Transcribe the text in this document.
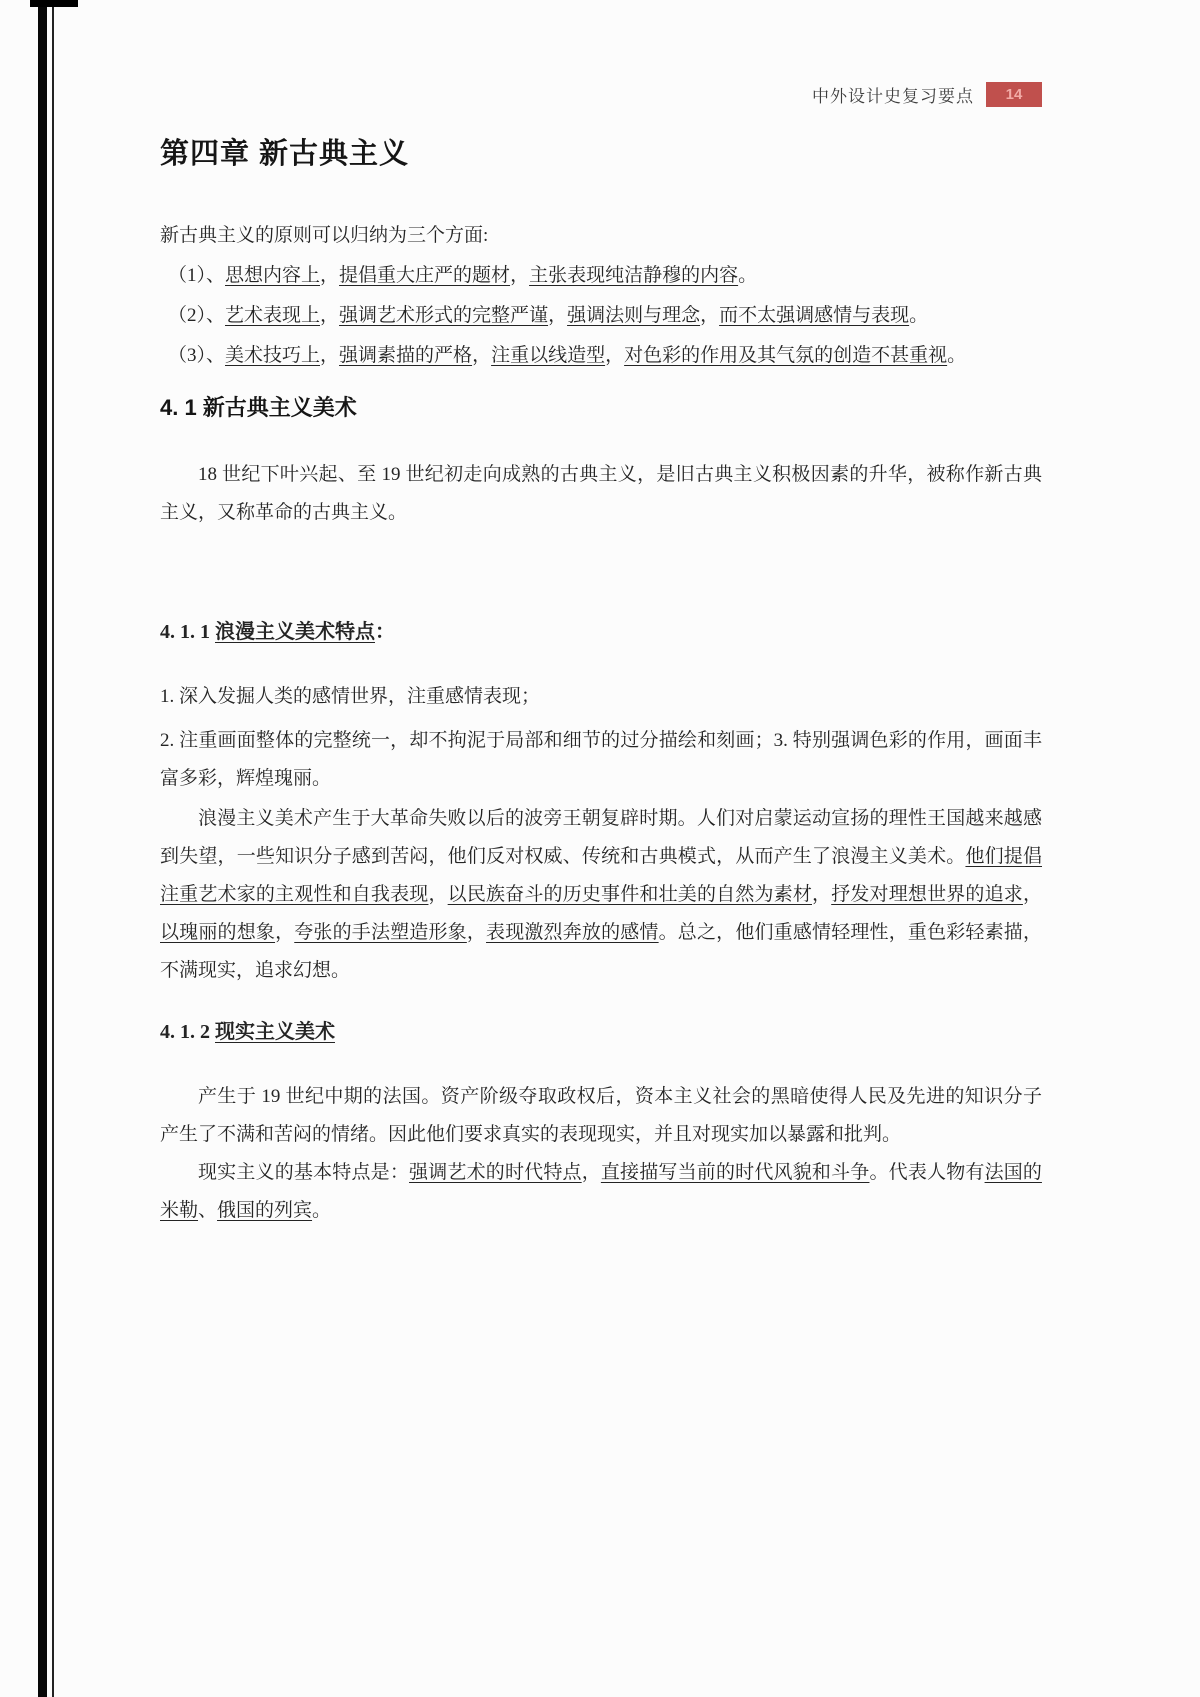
中外设计史复习要点	14
第四章 新古典主义

新古典主义的原则可以归纳为三个方面:

（1）、思想内容上，提倡重大庄严的题材，主张表现纯洁静穆的内容。

（2）、艺术表现上，强调艺术形式的完整严谨，强调法则与理念，而不太强调感情与表现。

（3）、美术技巧上，强调素描的严格，注重以线造型，对色彩的作用及其气氛的创造不甚重视。

4. 1 新古典主义美术

18 世纪下叶兴起、至 19 世纪初走向成熟的古典主义，是旧古典主义积极因素的升华，被称作新古典主义，又称革命的古典主义。

4. 1. 1 浪漫主义美术特点：

1. 深入发掘人类的感情世界，注重感情表现；

2. 注重画面整体的完整统一，却不拘泥于局部和细节的过分描绘和刻画；3. 特别强调色彩的作用，画面丰富多彩，辉煌瑰丽。

浪漫主义美术产生于大革命失败以后的波旁王朝复辟时期。人们对启蒙运动宣扬的理性王国越来越感到失望，一些知识分子感到苦闷，他们反对权威、传统和古典模式，从而产生了浪漫主义美术。他们提倡注重艺术家的主观性和自我表现，以民族奋斗的历史事件和壮美的自然为素材，抒发对理想世界的追求，以瑰丽的想象，夸张的手法塑造形象，表现激烈奔放的感情。总之，他们重感情轻理性，重色彩轻素描，不满现实，追求幻想。

4. 1. 2 现实主义美术

产生于 19 世纪中期的法国。资产阶级夺取政权后，资本主义社会的黑暗使得人民及先进的知识分子产生了不满和苦闷的情绪。因此他们要求真实的表现现实，并且对现实加以暴露和批判。

现实主义的基本特点是：强调艺术的时代特点，直接描写当前的时代风貌和斗争。代表人物有法国的米勒、俄国的列宾。
